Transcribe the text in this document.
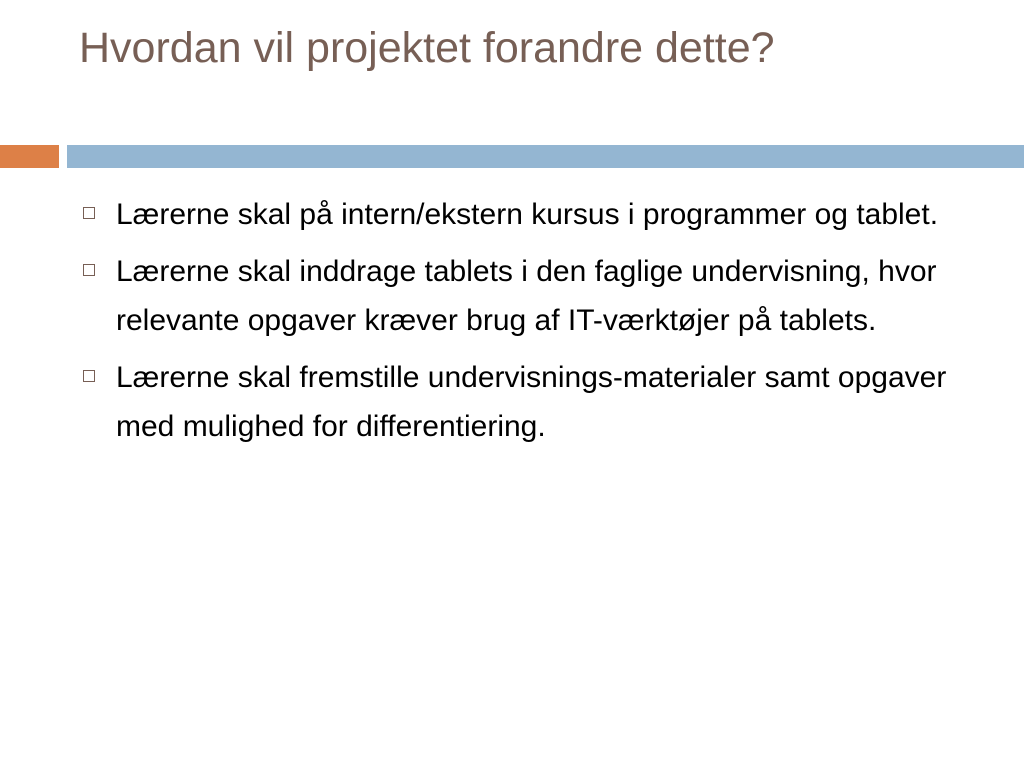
Hvordan vil projektet forandre dette?
Lærerne skal på intern/ekstern kursus i programmer og tablet.
Lærerne skal inddrage tablets i den faglige undervisning, hvor relevante opgaver kræver brug af IT-værktøjer på tablets.
Lærerne skal fremstille undervisnings-materialer samt opgaver med mulighed for differentiering.
